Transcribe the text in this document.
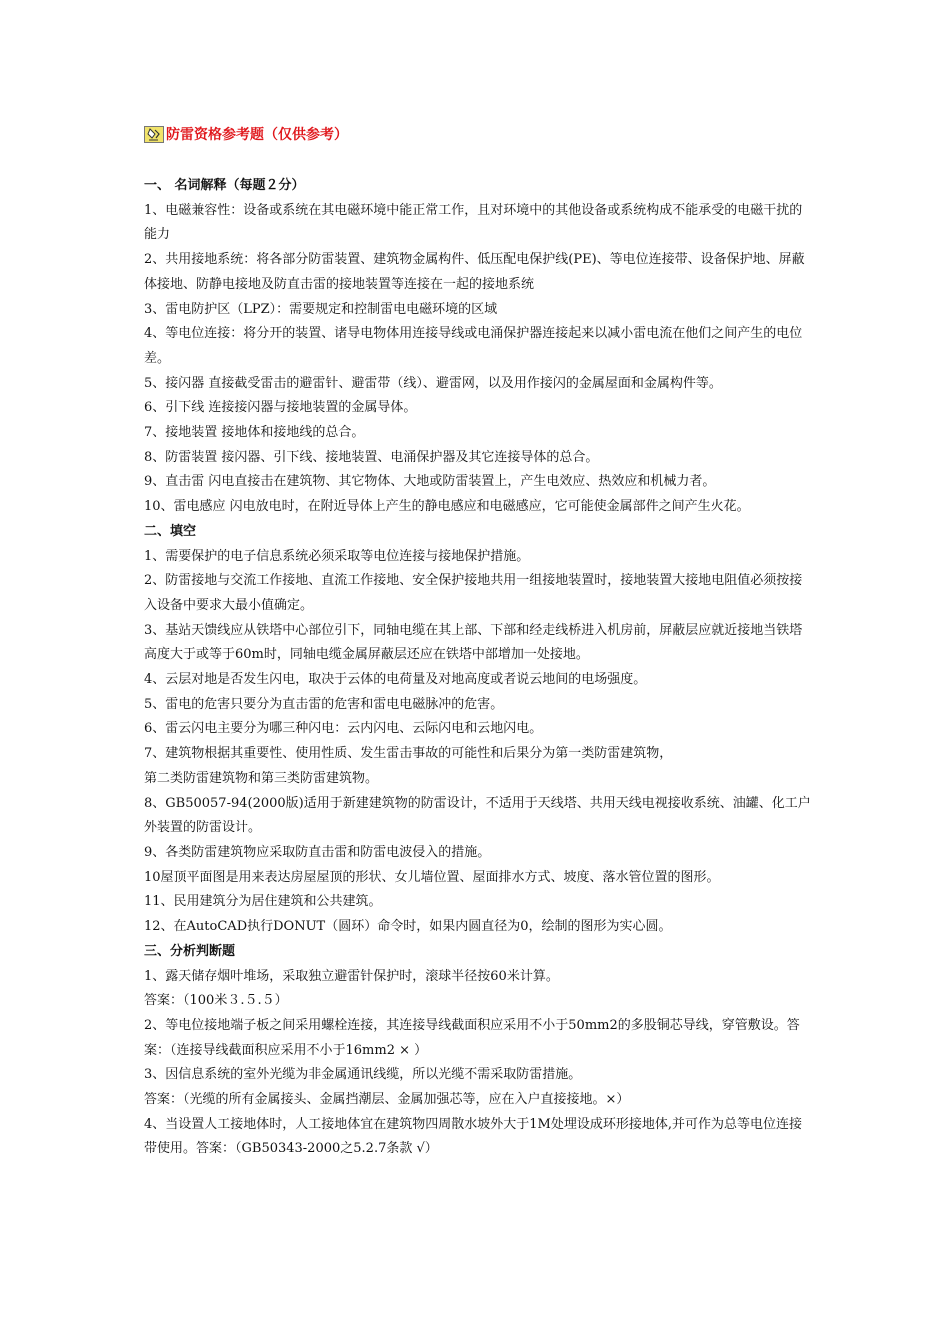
防雷资格参考题（仅供参考）

一、 名词解释（每题２分）

1、电磁兼容性：设备或系统在其电磁环境中能正常工作，且对环境中的其他设备或系统构成不能承受的电磁干扰的能力

2、共用接地系统：将各部分防雷装置、建筑物金属构件、低压配电保护线(PE)、等电位连接带、设备保护地、屏蔽体接地、防静电接地及防直击雷的接地装置等连接在一起的接地系统

3、雷电防护区（LPZ）：需要规定和控制雷电电磁环境的区域

4、等电位连接：将分开的装置、诸导电物体用连接导线或电涌保护器连接起来以减小雷电流在他们之间产生的电位差。

5、接闪器 直接截受雷击的避雷针、避雷带（线）、避雷网，以及用作接闪的金属屋面和金属构件等。

6、引下线 连接接闪器与接地装置的金属导体。

7、接地装置 接地体和接地线的总合。

8、防雷装置 接闪器、引下线、接地装置、电涌保护器及其它连接导体的总合。

9、直击雷 闪电直接击在建筑物、其它物体、大地或防雷装置上，产生电效应、热效应和机械力者。

10、雷电感应 闪电放电时，在附近导体上产生的静电感应和电磁感应，它可能使金属部件之间产生火花。

二、填空

1、需要保护的电子信息系统必须采取等电位连接与接地保护措施。

2、防雷接地与交流工作接地、直流工作接地、安全保护接地共用一组接地装置时，接地装置大接地电阻值必须按接入设备中要求大最小值确定。

3、基站天馈线应从铁塔中心部位引下，同轴电缆在其上部、下部和经走线桥进入机房前，屏蔽层应就近接地当铁塔高度大于或等于60m时，同轴电缆金属屏蔽层还应在铁塔中部增加一处接地。

4、云层对地是否发生闪电，取决于云体的电荷量及对地高度或者说云地间的电场强度。

5、雷电的危害只要分为直击雷的危害和雷电电磁脉冲的危害。

6、雷云闪电主要分为哪三种闪电：云内闪电、云际闪电和云地闪电。

7、建筑物根据其重要性、使用性质、发生雷击事故的可能性和后果分为第一类防雷建筑物，

第二类防雷建筑物和第三类防雷建筑物。

8、GB50057-94(2000版)适用于新建建筑物的防雷设计，不适用于天线塔、共用天线电视接收系统、油罐、化工户外装置的防雷设计。

9、各类防雷建筑物应采取防直击雷和防雷电波侵入的措施。

10屋顶平面图是用来表达房屋屋顶的形状、女儿墙位置、屋面排水方式、坡度、落水管位置的图形。

11、民用建筑分为居住建筑和公共建筑。

12、在AutoCAD执行DONUT（圆环）命令时，如果内圆直径为0，绘制的图形为实心圆。

三、分析判断题

1、露天储存烟叶堆场，采取独立避雷针保护时，滚球半径按60米计算。

答案：（100米３.５.５）

2、等电位接地端子板之间采用螺栓连接，其连接导线截面积应采用不小于50mm2的多股铜芯导线，穿管敷设。答案：（连接导线截面积应采用不小于16mm2 × ）

3、因信息系统的室外光缆为非金属通讯线缆，所以光缆不需采取防雷措施。

答案：（光缆的所有金属接头、金属挡潮层、金属加强芯等，应在入户直接接地。×）

4、当设置人工接地体时，人工接地体宜在建筑物四周散水坡外大于1M处埋设成环形接地体,并可作为总等电位连接带使用。答案：（GB50343-2000之5.2.7条款 √）
